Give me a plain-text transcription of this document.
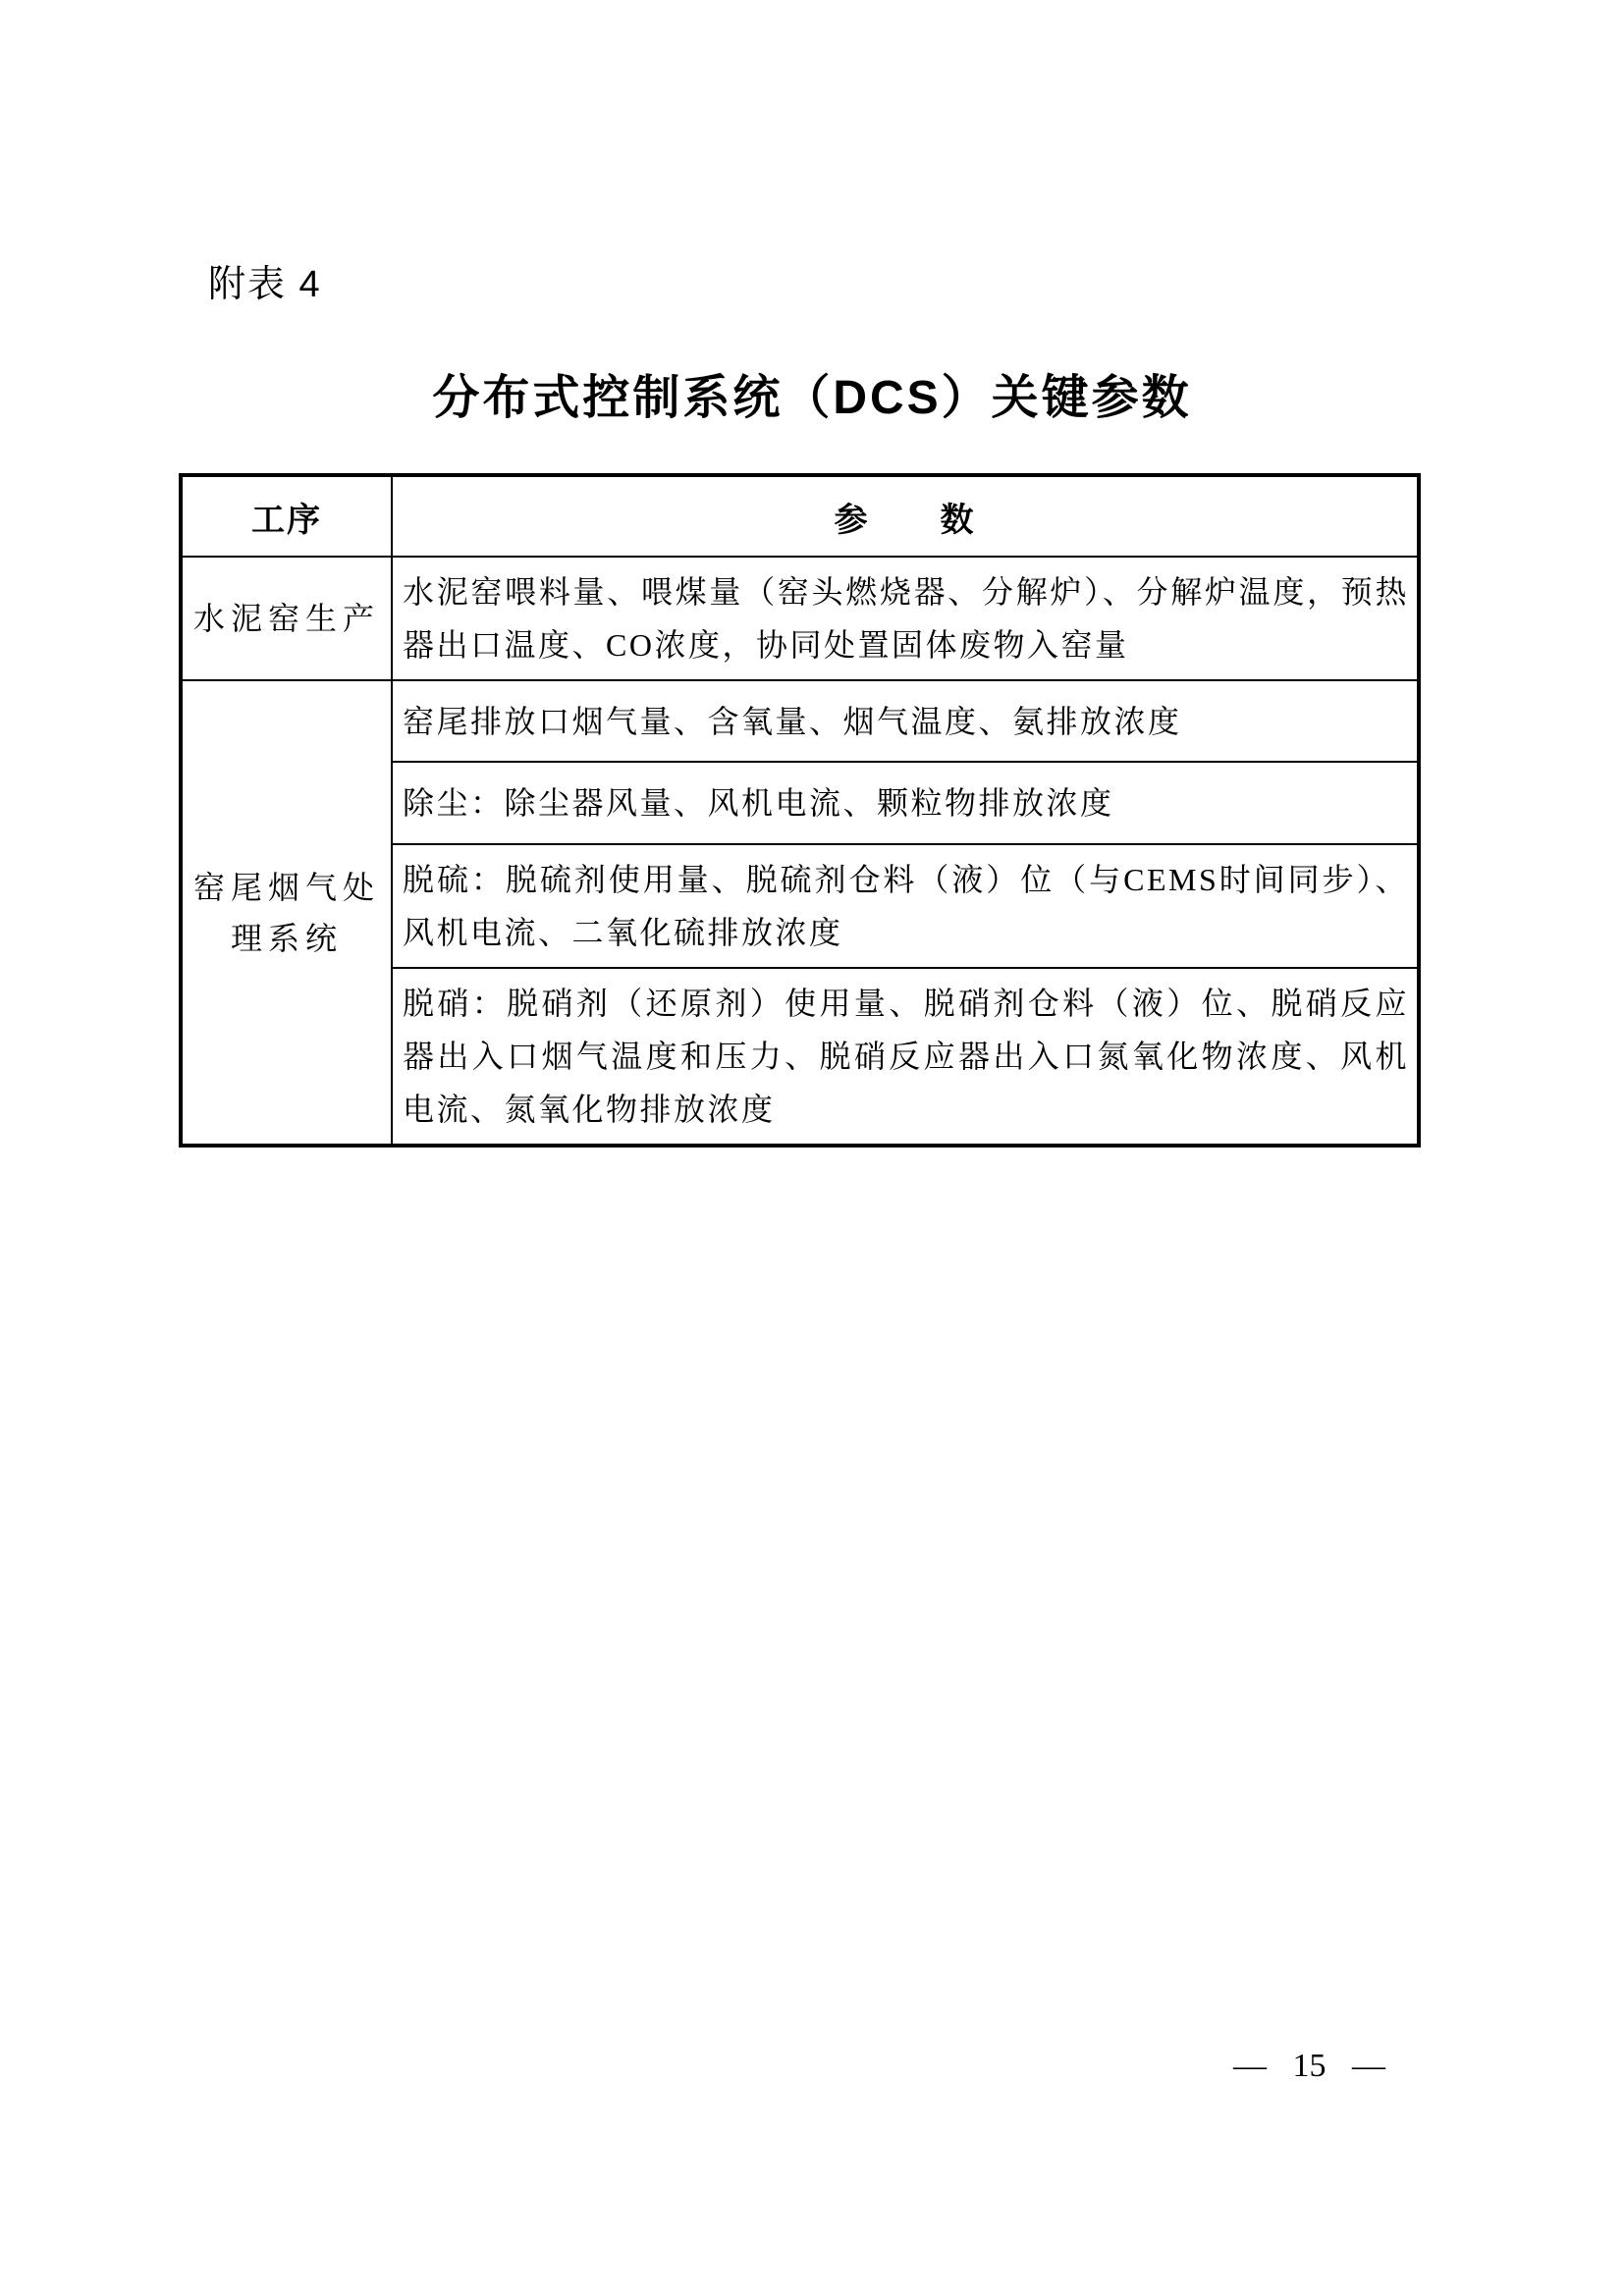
附表 4
分布式控制系统（DCS）关键参数
工序	参　　数
水泥窑生产	水泥窑喂料量、喂煤量（窑头燃烧器、分解炉）、分解炉温度，预热器出口温度、CO浓度，协同处置固体废物入窑量
窑尾烟气处理系统	窑尾排放口烟气量、含氧量、烟气温度、氨排放浓度
	除尘：除尘器风量、风机电流、颗粒物排放浓度
	脱硫：脱硫剂使用量、脱硫剂仓料（液）位（与CEMS时间同步）、风机电流、二氧化硫排放浓度
	脱硝：脱硝剂（还原剂）使用量、脱硝剂仓料（液）位、脱硝反应器出入口烟气温度和压力、脱硝反应器出入口氮氧化物浓度、风机电流、氮氧化物排放浓度
— 15 —
